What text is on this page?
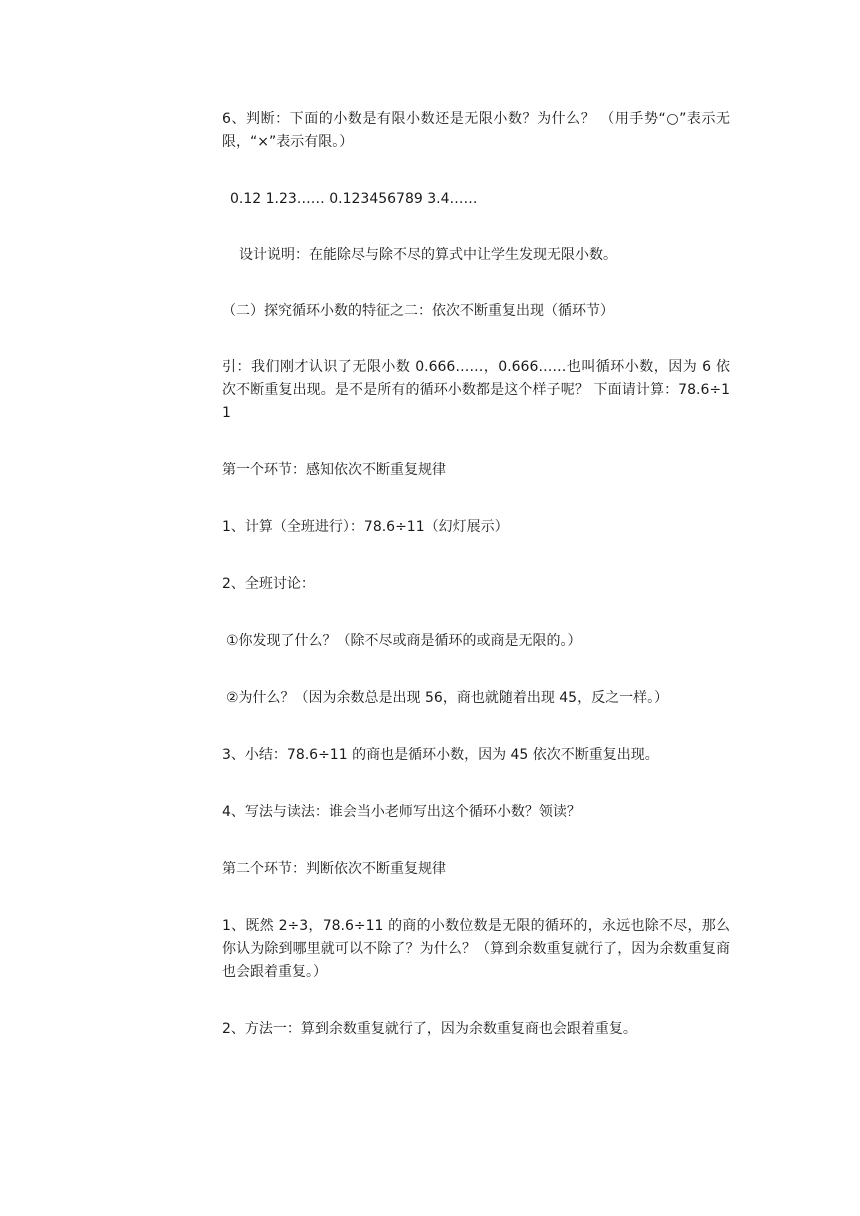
6、判断：下面的小数是有限小数还是无限小数？为什么？ （用手势“○”表示无限，“×”表示有限。）

0.12 1.23…… 0.123456789 3.4……

设计说明：在能除尽与除不尽的算式中让学生发现无限小数。

（二）探究循环小数的特征之二：依次不断重复出现（循环节）

引：我们刚才认识了无限小数 0.666……，0.666……也叫循环小数，因为 6 依次不断重复出现。是不是所有的循环小数都是这个样子呢？ 下面请计算：78.6÷11

第一个环节：感知依次不断重复规律

1、计算（全班进行）：78.6÷11（幻灯展示）

2、全班讨论：

①你发现了什么？（除不尽或商是循环的或商是无限的。）

②为什么？（因为余数总是出现 56，商也就随着出现 45，反之一样。）

3、小结：78.6÷11 的商也是循环小数，因为 45 依次不断重复出现。

4、写法与读法：谁会当小老师写出这个循环小数？领读？

第二个环节：判断依次不断重复规律

1、既然 2÷3，78.6÷11 的商的小数位数是无限的循环的，永远也除不尽，那么你认为除到哪里就可以不除了？为什么？（算到余数重复就行了，因为余数重复商也会跟着重复。）

2、方法一：算到余数重复就行了，因为余数重复商也会跟着重复。
